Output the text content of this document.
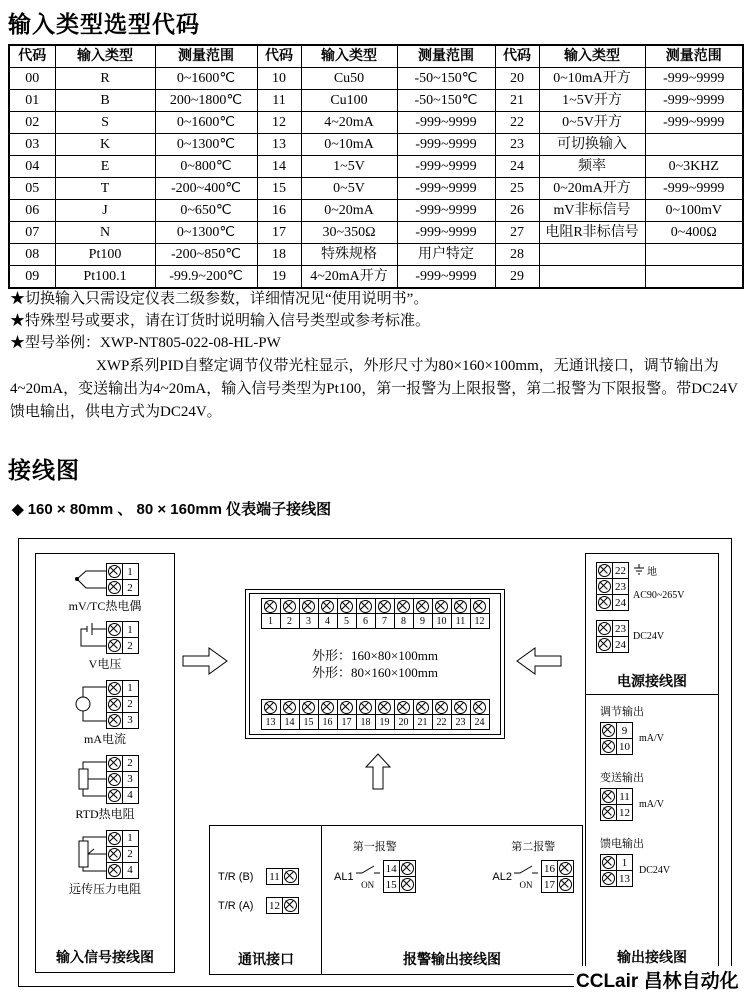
输入类型选型代码
代码	输入类型	测量范围	代码	输入类型	测量范围	代码	输入类型	测量范围
00	R	0~1600℃	10	Cu50	-50~150℃	20	0~10mA开方	-999~9999
01	B	200~1800℃	11	Cu100	-50~150℃	21	1~5V开方	-999~9999
02	S	0~1600℃	12	4~20mA	-999~9999	22	0~5V开方	-999~9999
03	K	0~1300℃	13	0~10mA	-999~9999	23	可切换输入	
04	E	0~800℃	14	1~5V	-999~9999	24	频率	0~3KHZ
05	T	-200~400℃	15	0~5V	-999~9999	25	0~20mA开方	-999~9999
06	J	0~650℃	16	0~20mA	-999~9999	26	mV非标信号	0~100mV
07	N	0~1300℃	17	30~350Ω	-999~9999	27	电阻R非标信号	0~400Ω
08	Pt100	-200~850℃	18	特殊规格	用户特定	28		
09	Pt100.1	-99.9~200℃	19	4~20mA开方	-999~9999	29		
★切换输入只需设定仪表二级参数，详细情况见“使用说明书”。
★特殊型号或要求，请在订货时说明输入信号类型或参考标准。
★型号举例：XWP-NT805-022-08-HL-PW

XWP系列PID自整定调节仪带光柱显示，外形尺寸为80×160×100mm，无通讯接口，调节输出为4~20mA，变送输出为4~20mA，输入信号类型为Pt100，第一报警为上限报警，第二报警为下限报警。带DC24V馈电输出，供电方式为DC24V。

接线图
◆ 160 × 80mm 、 80 × 160mm 仪表端子接线图
1
2
mV/TC热电偶
1
2
V电压
1
2
3
mA电流
2
3
4
RTD热电阻
1
2
4
远传压力电阻
输入信号接线图
1	2	3	4	5	6	7	8	9	10 11 12
外形：160×80×100mm
外形：80×160×100mm
13 14 15 16 17 18 19 20 21 22 23 24
T/R (B)	11
T/R (A)	12
通讯接口
第一报警
AL1
ON
14
15
第二报警
AL2
ON
16
17
报警输出接线图
22
23
24
地
AC90~265V
23
24
DC24V
电源接线图
调节输出
9
10
mA/V
变送输出
11
12
mA/V
馈电输出
1
13
DC24V
输出接线图
CCLair 昌林自动化
